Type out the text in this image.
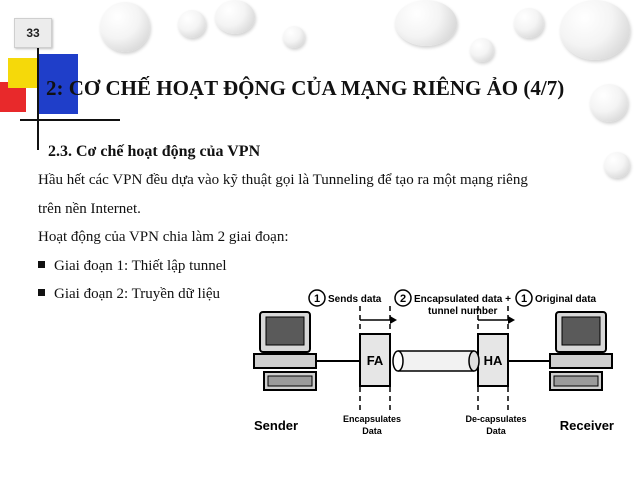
33
2: CƠ CHẾ HOẠT ĐỘNG CỦA MẠNG RIÊNG ẢO (4/7)
2.3. Cơ chế hoạt động của VPN
Hầu hết các VPN đều dựa vào kỹ thuật gọi là Tunneling để tạo ra một mạng riêng
trên nền Internet.
Hoạt động của VPN chia làm 2 giai đoạn:
Giai đoạn 1: Thiết lập tunnel
Giai đoạn 2: Truyền dữ liệu
FA	HA
1 Sends data 2 Encapsulated data +
tunnel number
1 Original data
Sender	Receiver
Encapsulates
Data
De-capsulates
Data
